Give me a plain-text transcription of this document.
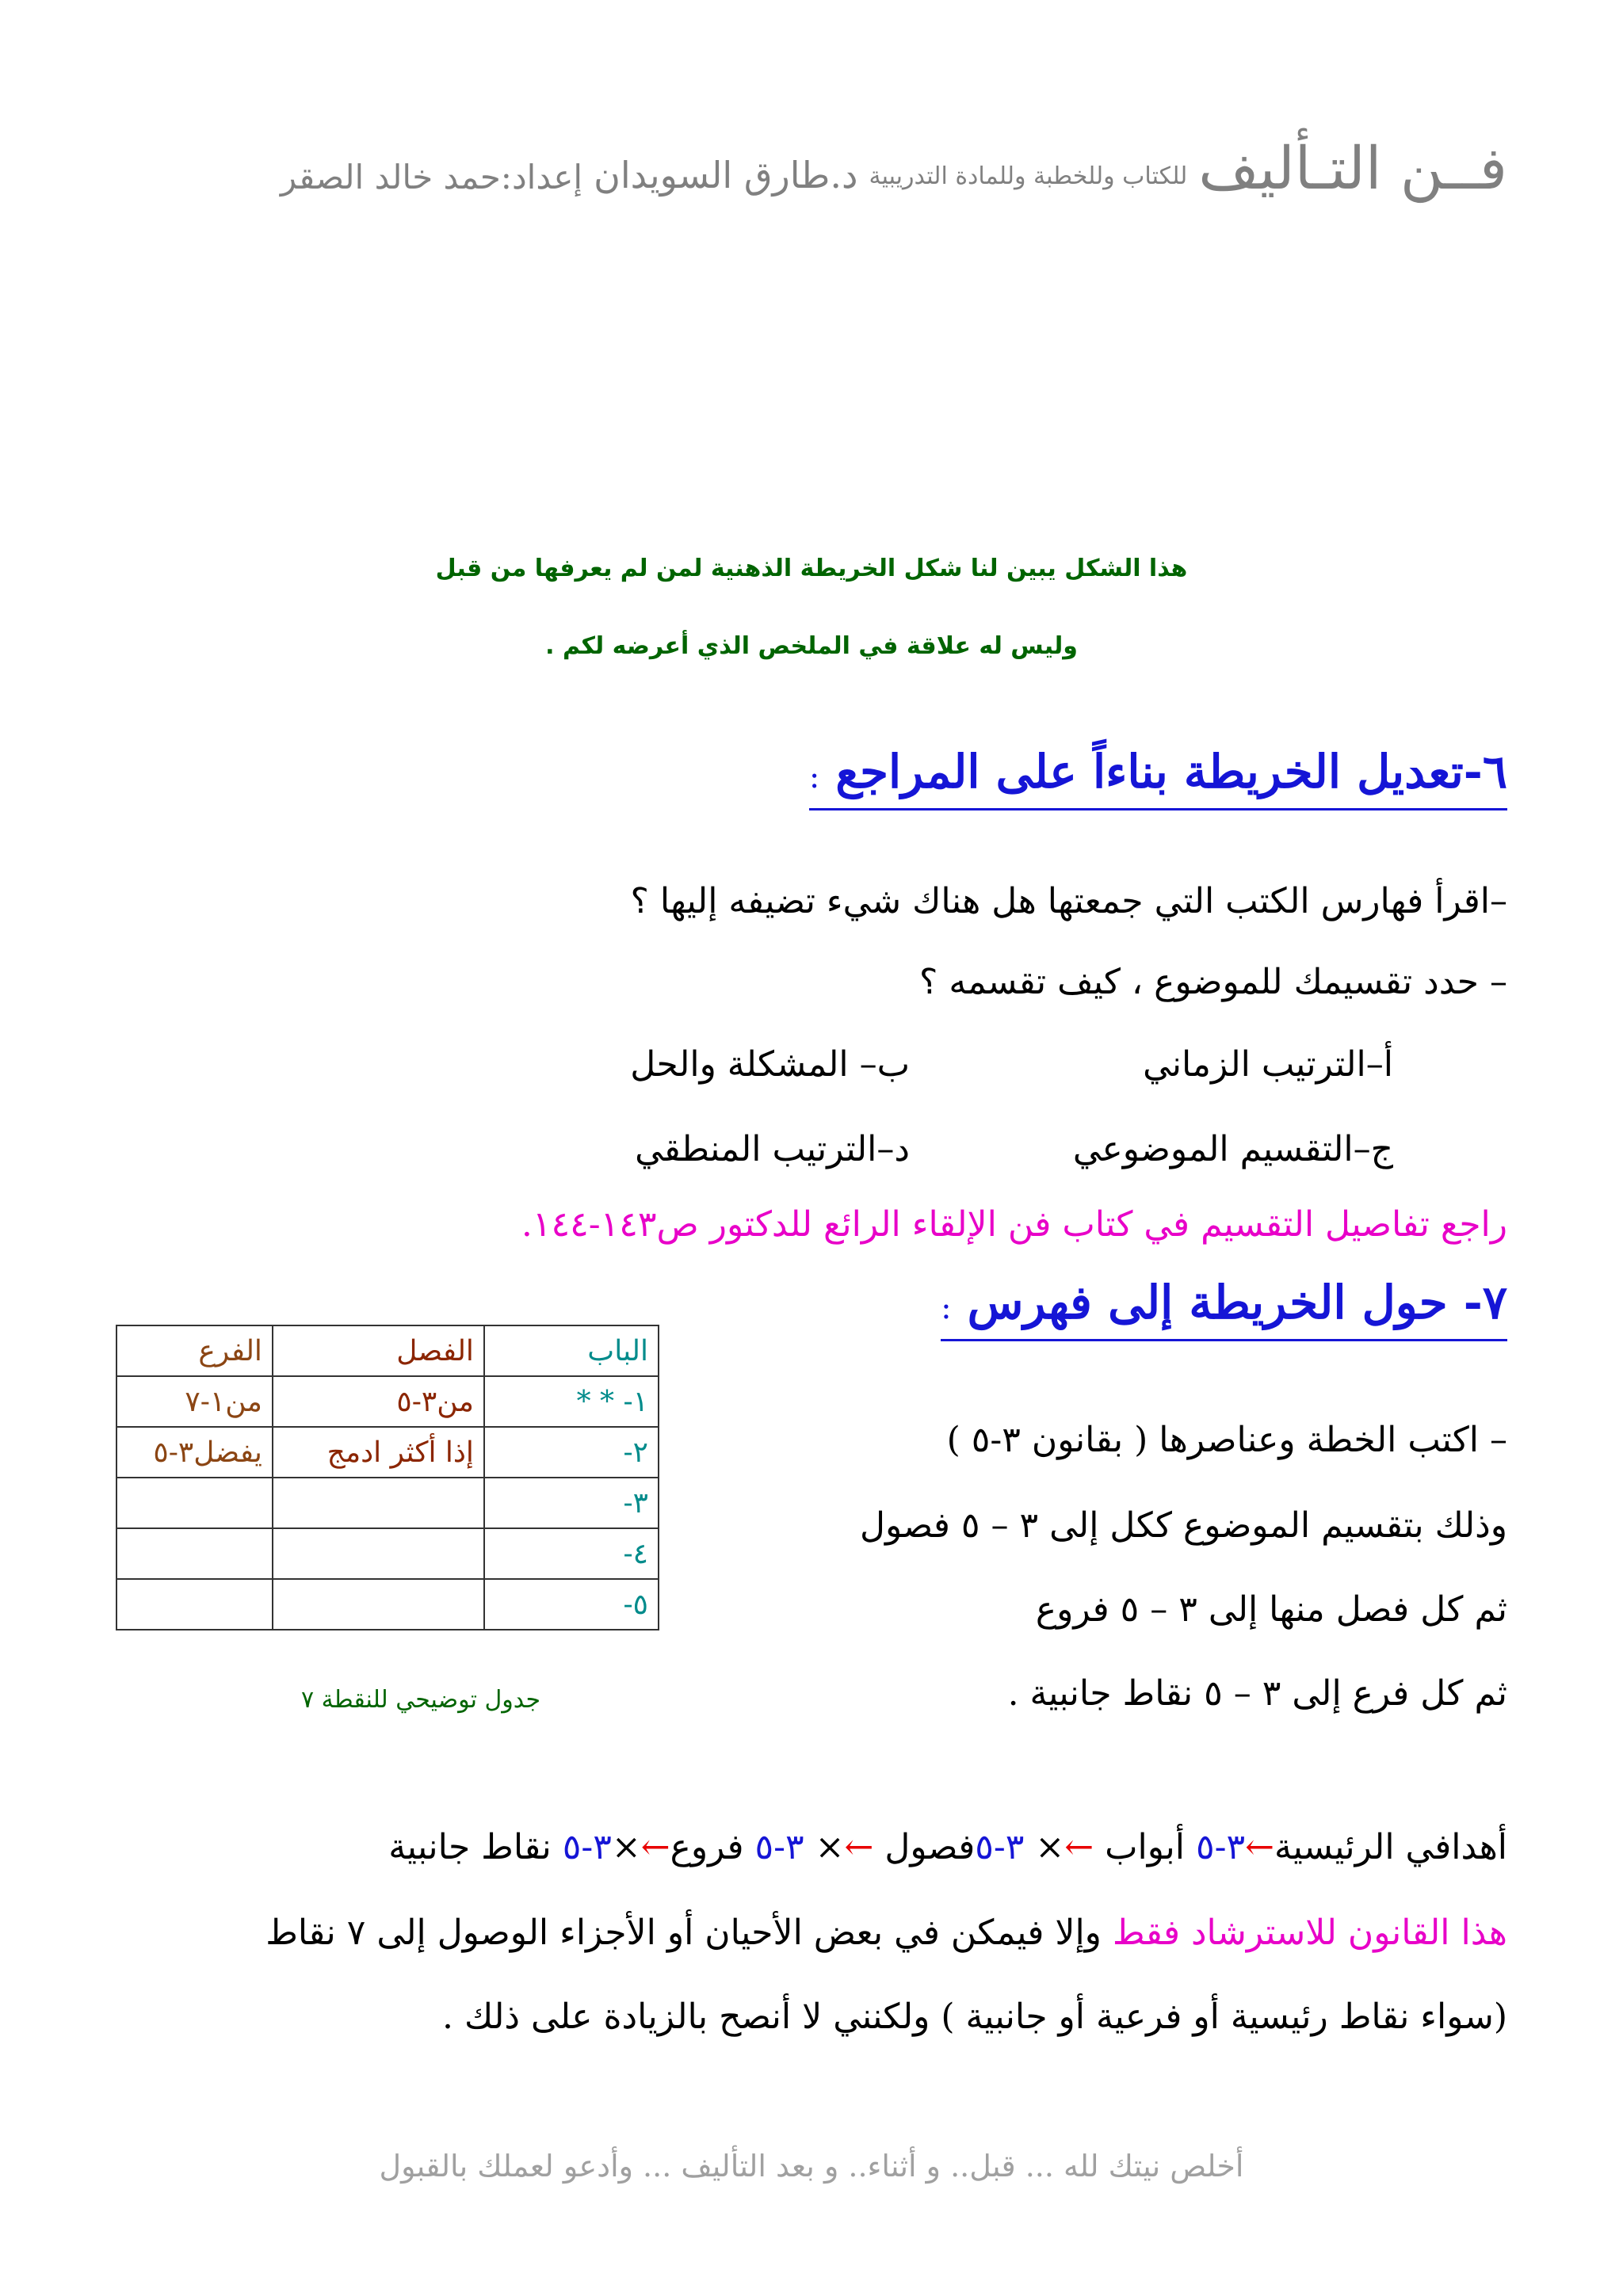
فــن التـأليف
للكتاب وللخطبة وللمادة التدريبية
د.طارق السويدان
إعداد:حمد خالد الصقر
هذا الشكل يبين لنا شكل الخريطة الذهنية لمن لم يعرفها من قبل
وليس له علاقة في الملخص الذي أعرضه لكم .
٦-تعديل الخريطة بناءاً على المراجع:
–اقرأ فهارس الكتب التي جمعتها هل هناك شيء تضيفه إليها ؟
– حدد تقسيمك للموضوع ، كيف تقسمه ؟
أ–الترتيب الزماني
ب– المشكلة والحل
ج–التقسيم الموضوعي
د–الترتيب المنطقي
راجع تفاصيل التقسيم في كتاب فن الإلقاء الرائع للدكتور ص١٤٣-١٤٤.
٧- حول الخريطة إلى فهرس:
– اكتب الخطة وعناصرها ( بقانون ٣-٥ )
وذلك بتقسيم الموضوع ككل إلى ٣ – ٥ فصول
ثم كل فصل منها إلى ٣ – ٥ فروع
ثم كل فرع إلى ٣ – ٥ نقاط جانبية .
الباب	الفصل	الفرع
١- * *	من٣-٥	من١-٧
٢-	إذا أكثر ادمج	يفضل٣-٥
٣-		
٤-		
٥-		
جدول توضيحي للنقطة ٧
أهدافي الرئيسية←٣-٥ أبواب ←× ٣-٥فصول ←× ٣-٥ فروع←×٣-٥ نقاط جانبية
هذا القانون للاسترشاد فقط وإلا فيمكن في بعض الأحيان أو الأجزاء الوصول إلى ٧ نقاط
(سواء نقاط رئيسية أو فرعية أو جانبية ) ولكنني لا أنصح بالزيادة على ذلك .
أخلص نيتك لله ... قبل.. و أثناء.. و بعد التأليف ... وأدعو لعملك بالقبول
